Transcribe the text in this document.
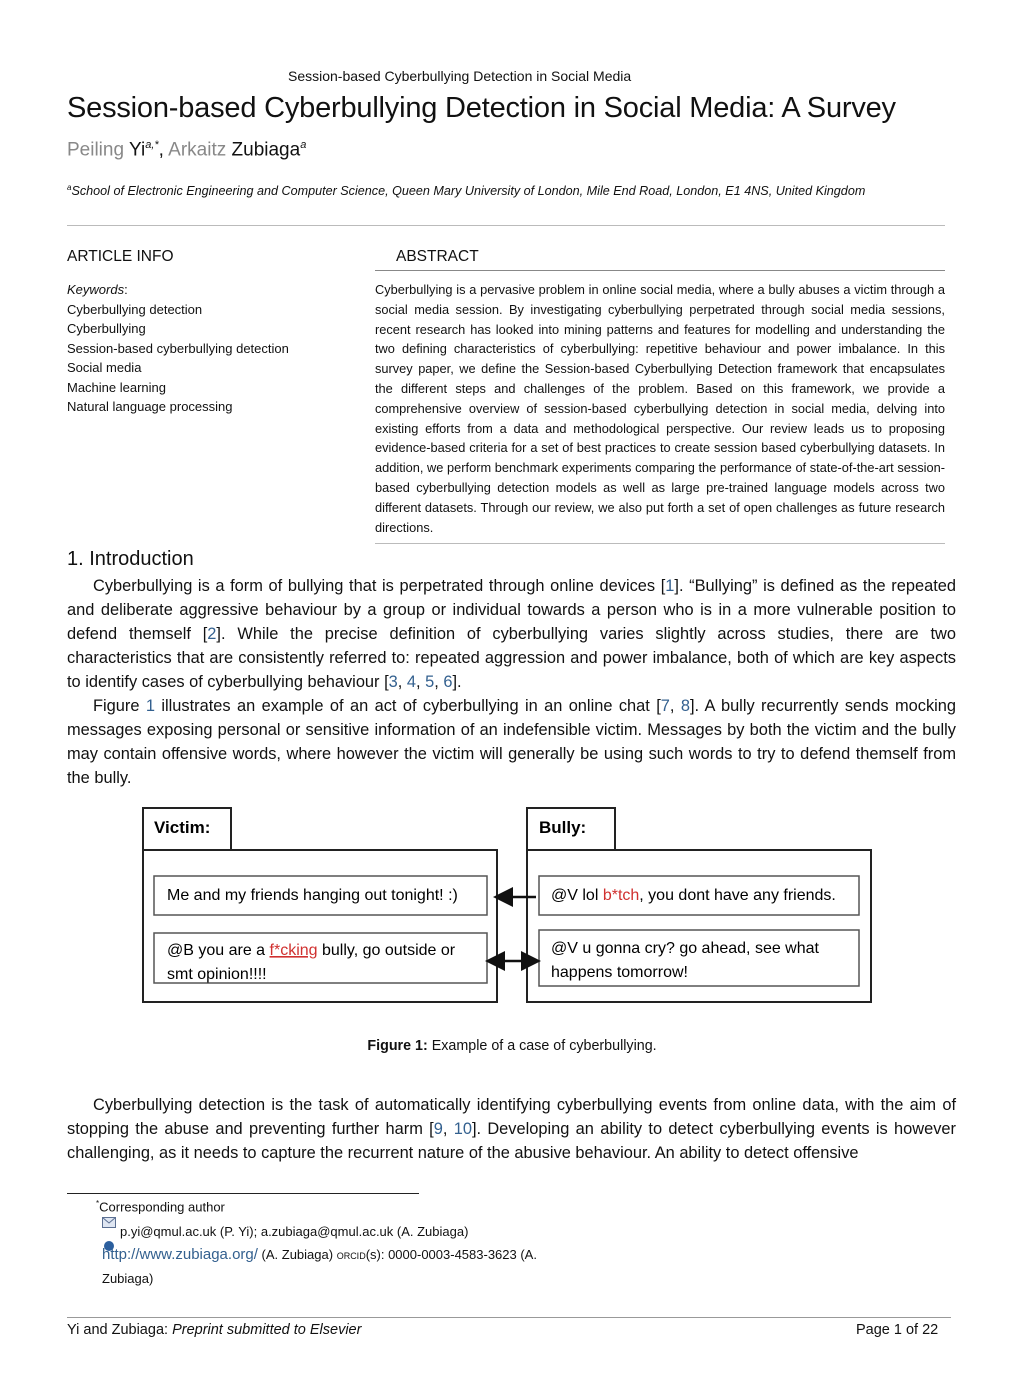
Session-based Cyberbullying Detection in Social Media
Session-based Cyberbullying Detection in Social Media: A Survey
Peiling $Yi^{a,*}$, Arkaitz Zubiaga$^a$
$^a$School of Electronic Engineering and Computer Science, Queen Mary University of London, Mile End Road, London, E1 4NS, United Kingdom
ARTICLE INFO
Keywords:
Cyberbullying detection
Cyberbullying
Session-based cyberbullying detection
Social media
Machine learning
Natural language processing
ABSTRACT
Cyberbullying is a pervasive problem in online social media, where a bully abuses a victim through a social media session. By investigating cyberbullying perpetrated through social media sessions, recent research has looked into mining patterns and features for modelling and understanding the two defining characteristics of cyberbullying: repetitive behaviour and power imbalance. In this survey paper, we define the Session-based Cyberbullying Detection framework that encapsulates the different steps and challenges of the problem. Based on this framework, we provide a comprehensive overview of session-based cyberbullying detection in social media, delving into existing efforts from a data and methodological perspective. Our review leads us to proposing evidence-based criteria for a set of best practices to create session based cyberbullying datasets. In addition, we perform benchmark experiments comparing the performance of state-of-the-art session-based cyberbullying detection models as well as large pre-trained language models across two different datasets. Through our review, we also put forth a set of open challenges as future research directions.
1. Introduction
Cyberbullying is a form of bullying that is perpetrated through online devices [1]. “Bullying” is defined as the repeated and deliberate aggressive behaviour by a group or individual towards a person who is in a more vulnerable position to defend themself [2]. While the precise definition of cyberbullying varies slightly across studies, there are two characteristics that are consistently referred to: repeated aggression and power imbalance, both of which are key aspects to identify cases of cyberbullying behaviour [3, 4, 5, 6].
Figure 1 illustrates an example of an act of cyberbullying in an online chat [7, 8]. A bully recurrently sends mocking messages exposing personal or sensitive information of an indefensible victim. Messages by both the victim and the bully may contain offensive words, where however the victim will generally be using such words to try to defend themself from the bully.
Victim:
Me and my friends hanging out tonight! :)
@B you are a f*cking bully, go outside or
smt opinion!!!!
Bully:
@V lol b*tch, you dont have any friends.
@V u gonna cry? go ahead, see what
happens tomorrow!
Figure 1: Example of a case of cyberbullying.
Cyberbullying detection is the task of automatically identifying cyberbullying events from online data, with the aim of stopping the abuse and preventing further harm [9, 10]. Developing an ability to detect cyberbullying events is however challenging, as it needs to capture the recurrent nature of the abusive behaviour. An ability to detect offensive
*Corresponding author
p.yi@qmul.ac.uk (P. Yi); a.zubiaga@qmul.ac.uk (A. Zubiaga)
http://www.zubiaga.org/ (A. Zubiaga) ORCID(s): 0000-0003-4583-3623 (A.
Zubiaga)
Yi and Zubiaga: Preprint submitted to Elsevier	Page 1 of 22
